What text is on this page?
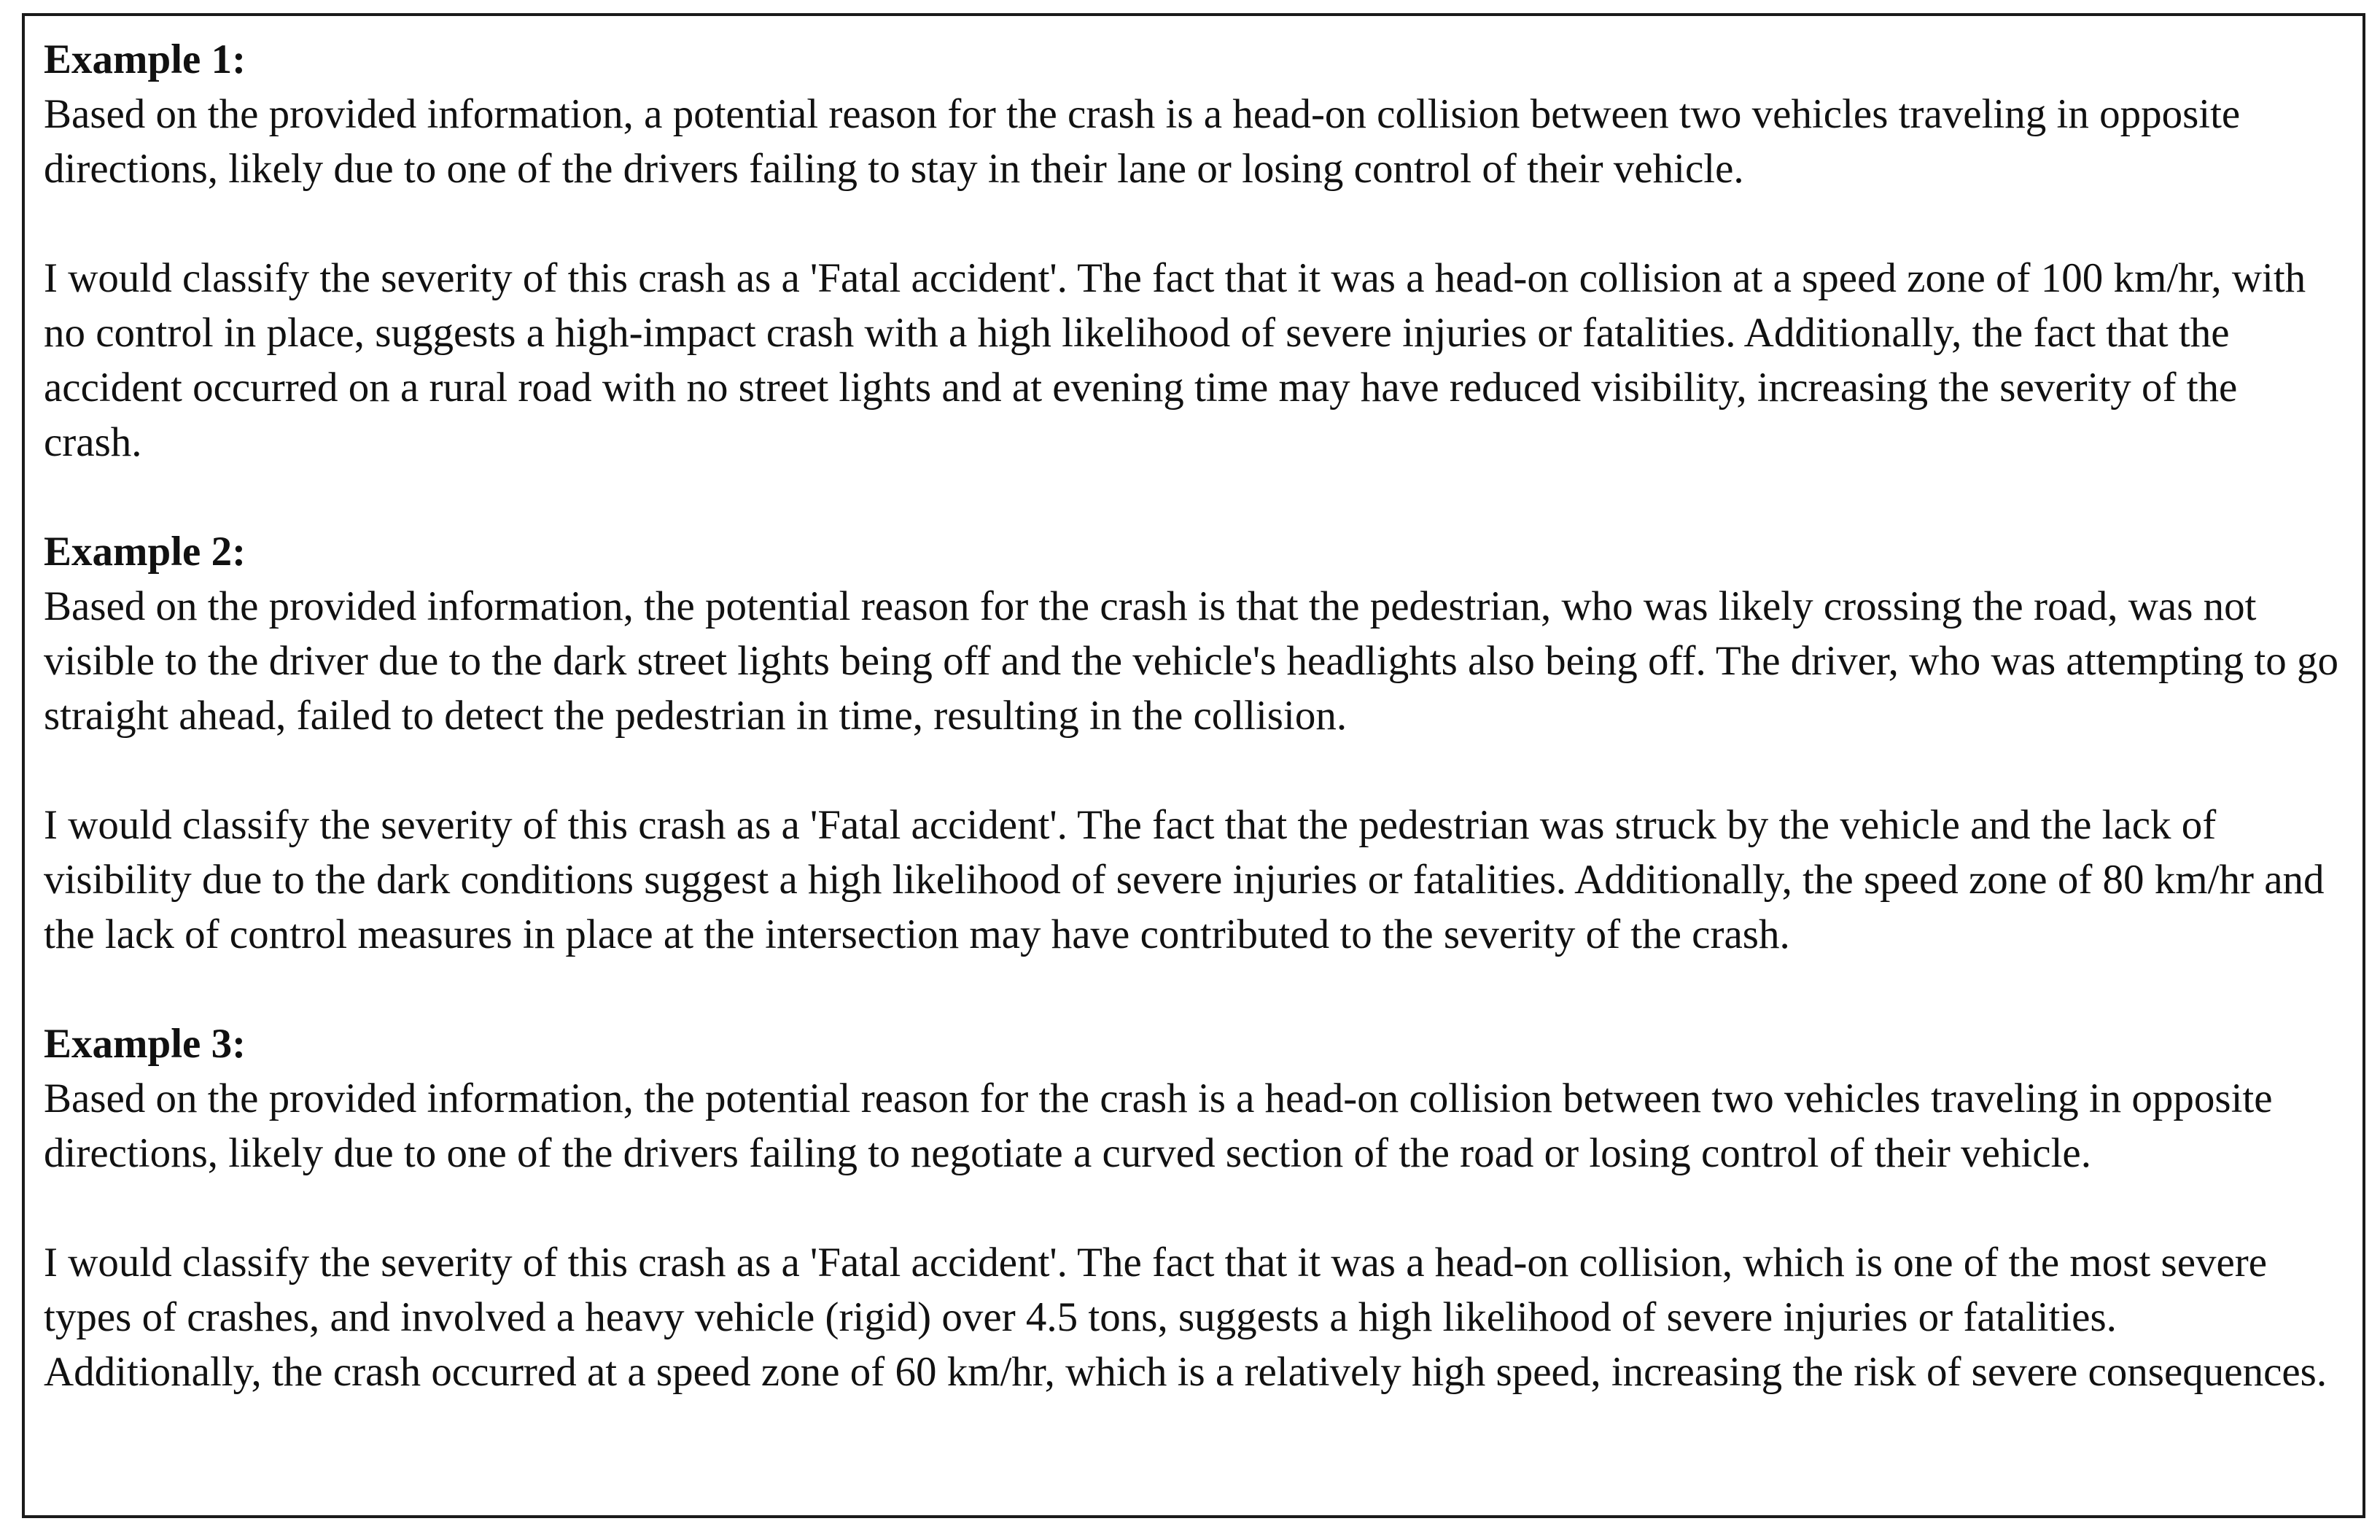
Example 1:
Based on the provided information, a potential reason for the crash is a head-on collision between two vehicles traveling in opposite directions, likely due to one of the drivers failing to stay in their lane or losing control of their vehicle.
I would classify the severity of this crash as a 'Fatal accident'. The fact that it was a head-on collision at a speed zone of 100 km/hr, with no control in place, suggests a high-impact crash with a high likelihood of severe injuries or fatalities. Additionally, the fact that the accident occurred on a rural road with no street lights and at evening time may have reduced visibility, increasing the severity of the crash.
Example 2:
Based on the provided information, the potential reason for the crash is that the pedestrian, who was likely crossing the road, was not visible to the driver due to the dark street lights being off and the vehicle's headlights also being off. The driver, who was attempting to go straight ahead, failed to detect the pedestrian in time, resulting in the collision.
I would classify the severity of this crash as a 'Fatal accident'. The fact that the pedestrian was struck by the vehicle and the lack of visibility due to the dark conditions suggest a high likelihood of severe injuries or fatalities. Additionally, the speed zone of 80 km/hr and the lack of control measures in place at the intersection may have contributed to the severity of the crash.
Example 3:
Based on the provided information, the potential reason for the crash is a head-on collision between two vehicles traveling in opposite directions, likely due to one of the drivers failing to negotiate a curved section of the road or losing control of their vehicle.
I would classify the severity of this crash as a 'Fatal accident'. The fact that it was a head-on collision, which is one of the most severe types of crashes, and involved a heavy vehicle (rigid) over 4.5 tons, suggests a high likelihood of severe injuries or fatalities. Additionally, the crash occurred at a speed zone of 60 km/hr, which is a relatively high speed, increasing the risk of severe consequences.
